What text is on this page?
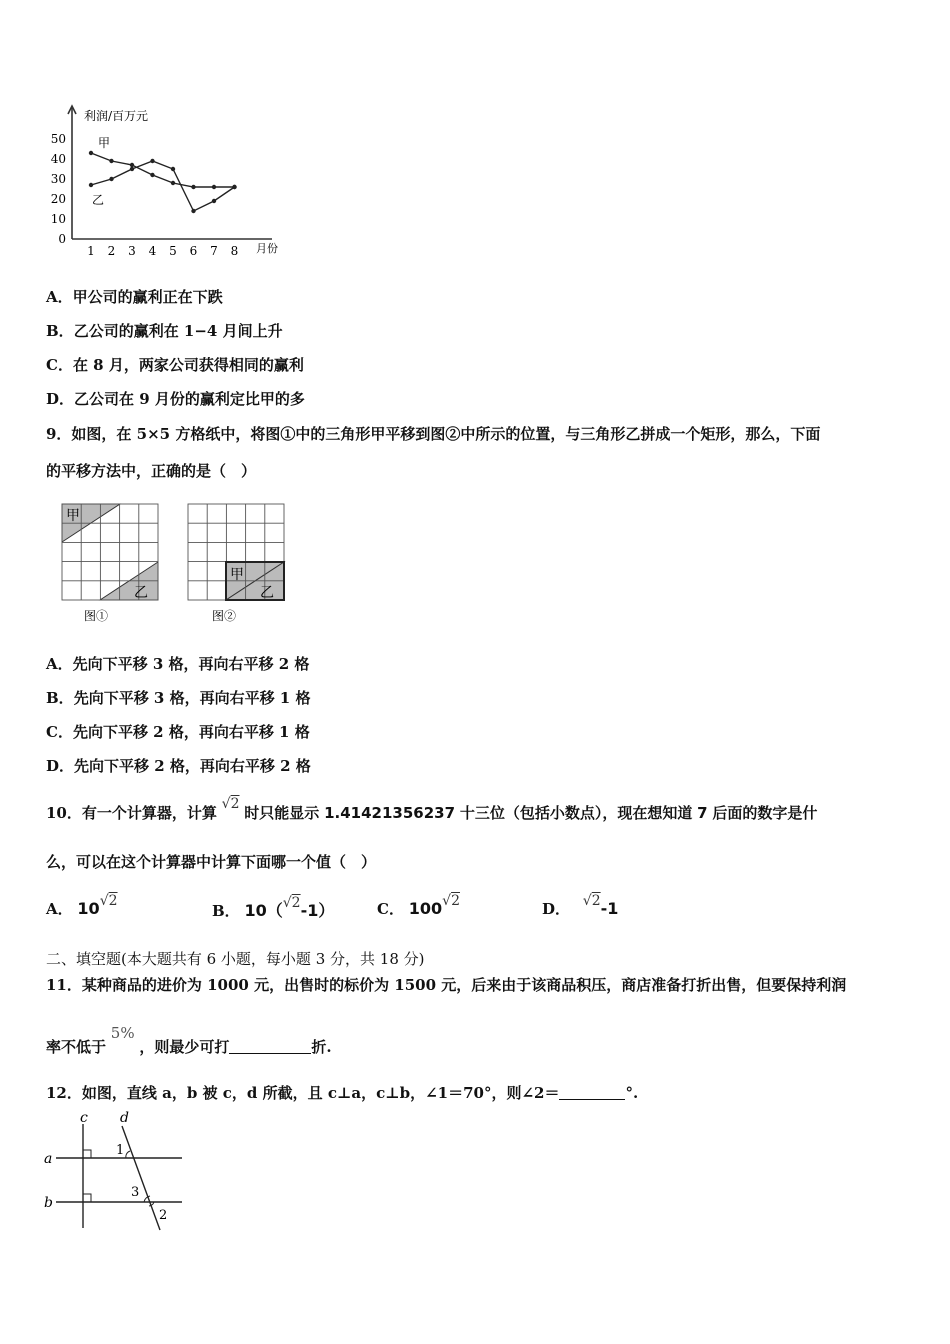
利润/百万元
月份
0
10
20
30
40
50
1 2 3 4 5 6 7 8
甲
乙
A．甲公司的赢利正在下跌
B．乙公司的赢利在 1−4 月间上升
C．在 8 月，两家公司获得相同的赢利
D．乙公司在 9 月份的赢利定比甲的多
9．如图，在 5×5 方格纸中，将图①中的三角形甲平移到图②中所示的位置，与三角形乙拼成一个矩形，那么，下面
的平移方法中，正确的是（　）
甲
乙
图①
甲
乙
图②
A．先向下平移 3 格，再向右平移 2 格
B．先向下平移 3 格，再向右平移 1 格
C．先向下平移 2 格，再向右平移 1 格
D．先向下平移 2 格，再向右平移 2 格
10．有一个计算器，计算 √2 时只能显示 1.41421356237 十三位（包括小数点），现在想知道 7 后面的数字是什
么，可以在这个计算器中计算下面哪一个值（　）
A． 10√2
B． 10（√2-1）	C． 100√2	D． √2-1
二、填空题(本大题共有 6 小题，每小题 3 分，共 18 分)
11．某种商品的进价为 1000 元，出售时的标价为 1500 元，后来由于该商品积压，商店准备打折出售，但要保持利润
率不低于 5% ，则最少可打	折.
12．如图，直线 a，b 被 c，d 所截，且 c⊥a，c⊥b，∠1＝70°，则∠2＝	°.
c d
a
b
1
3
2
